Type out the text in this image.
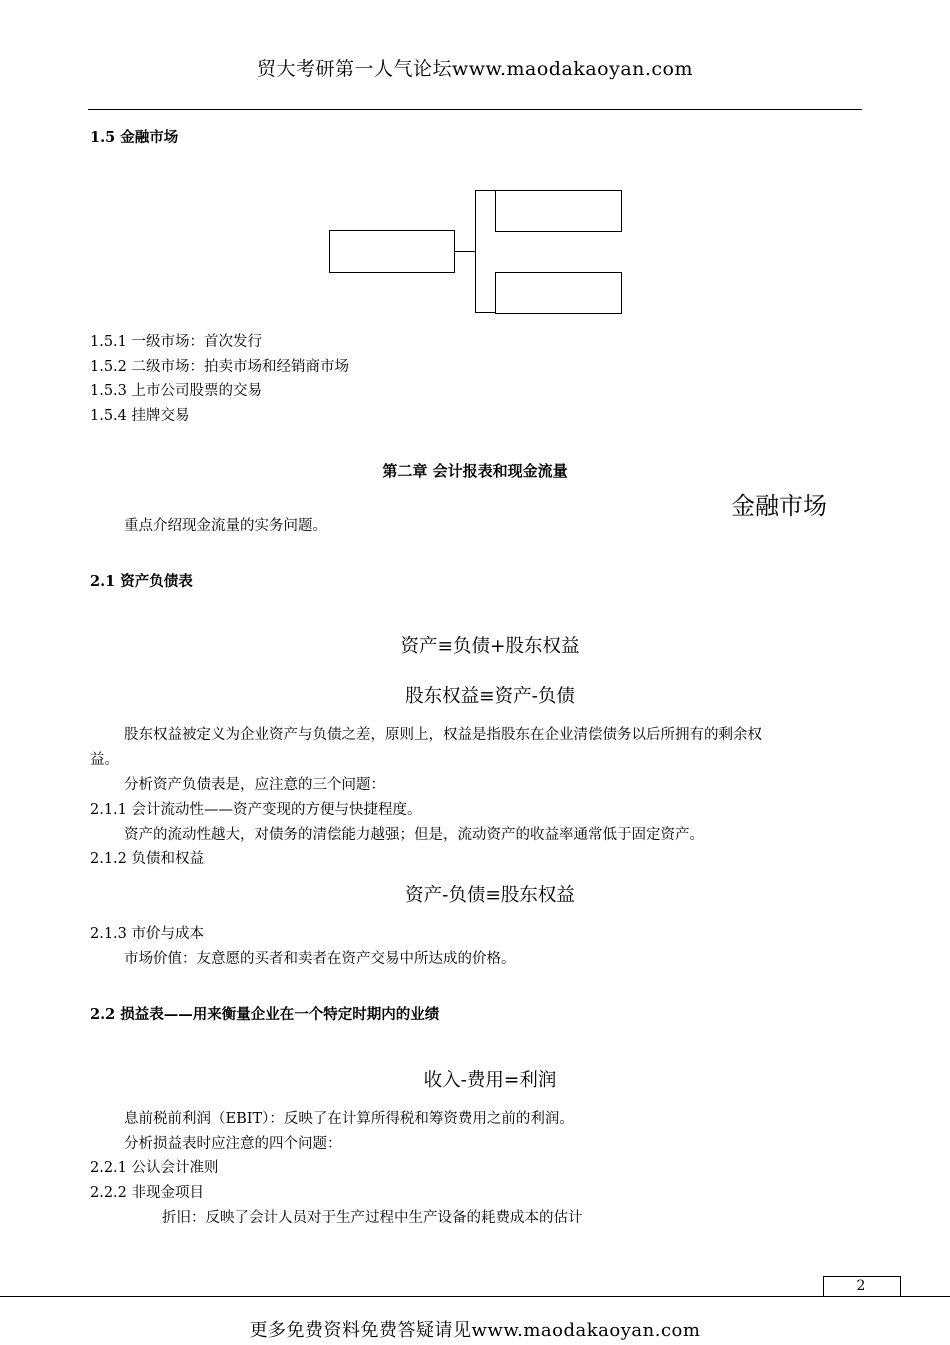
贸大考研第一人气论坛www.maodakaoyan.com
1.5 金融市场
1.5.1 一级市场：首次发行
1.5.2 二级市场：拍卖市场和经销商市场
1.5.3 上市公司股票的交易
1.5.4 挂牌交易
第二章 会计报表和现金流量
金融市场
重点介绍现金流量的实务问题。
2.1 资产负债表
资产≡负债+股东权益
股东权益≡资产-负债
股东权益被定义为企业资产与负债之差，原则上，权益是指股东在企业清偿债务以后所拥有的剩余权
益。
分析资产负债表是，应注意的三个问题：
2.1.1 会计流动性——资产变现的方便与快捷程度。
资产的流动性越大，对债务的清偿能力越强；但是，流动资产的收益率通常低于固定资产。
2.1.2 负债和权益
资产-负债≡股东权益
2.1.3 市价与成本
市场价值：友意愿的买者和卖者在资产交易中所达成的价格。
2.2 损益表——用来衡量企业在一个特定时期内的业绩
收入-费用=利润
息前税前利润（EBIT）：反映了在计算所得税和筹资费用之前的利润。
分析损益表时应注意的四个问题：
2.2.1 公认会计准则
2.2.2 非现金项目
折旧：反映了会计人员对于生产过程中生产设备的耗费成本的估计
2
更多免费资料免费答疑请见www.maodakaoyan.com
